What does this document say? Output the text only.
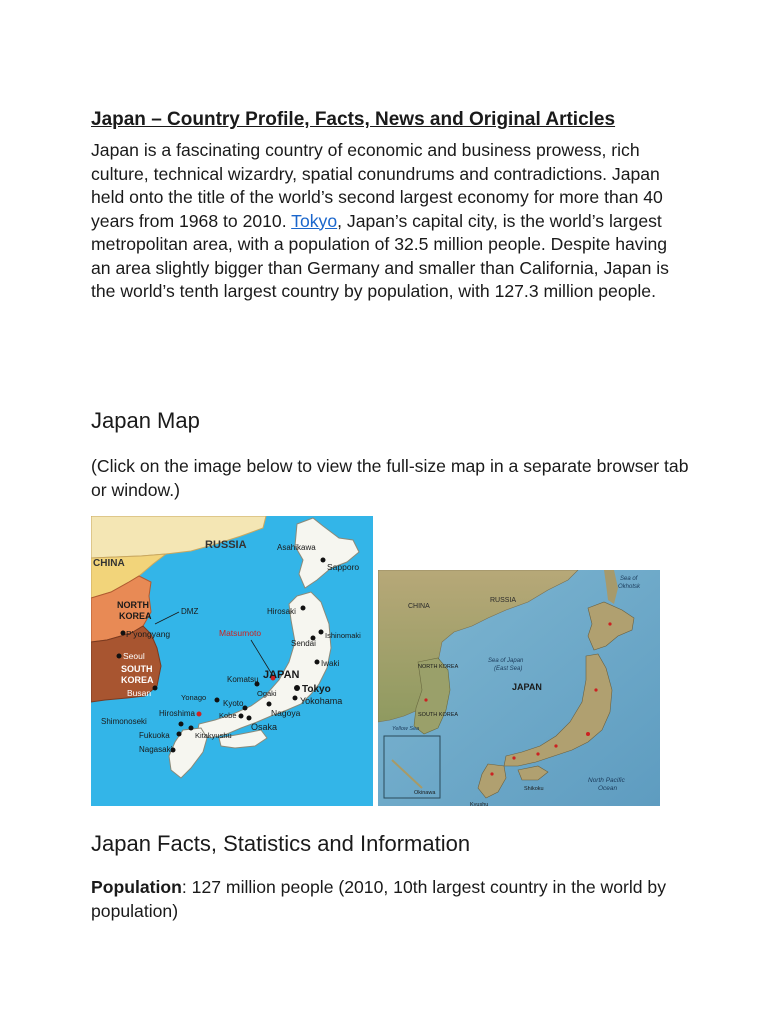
Japan – Country Profile, Facts, News and Original Articles

Japan is a fascinating country of economic and business prowess, rich culture, technical wizardry, spatial conundrums and contradictions. Japan held onto the title of the world’s second largest economy for more than 40 years from 1968 to 2010. Tokyo, Japan’s capital city, is the world’s largest metropolitan area, with a population of 32.5 million people. Despite having an area slightly bigger than Germany and smaller than California, Japan is the world’s tenth largest country by population, with 127.3 million people.

Japan Map

(Click on the image below to view the full-size map in a separate browser tab or window.)

RUSSIA
CHINA
NORTH
KOREA	DMZ
P'yongyang
Seoul
SOUTH
KOREA
Busan
Asahikawa
Sapporo
Hirosaki
Ishinomaki
Sendai
Iwaki
Matsumoto
Komatsu JAPAN
Tokyo
Yokohama
Ogaki
Nagoya
Yonago
Kyoto
Kobe
Hiroshima
Osaka
Shimonoseki
Kitakyushu
Fukuoka
Nagasaki
RUSSIA
CHINA
Sea of
Okhotsk
Sea of Japan
(East Sea)
JAPAN
NORTH KOREA
SOUTH KOREA
Yellow Sea
North Pacific
Ocean
Okinawa
Shikoku
Kyushu
Japan Facts, Statistics and Information

Population: 127 million people (2010, 10th largest country in the world by population)
